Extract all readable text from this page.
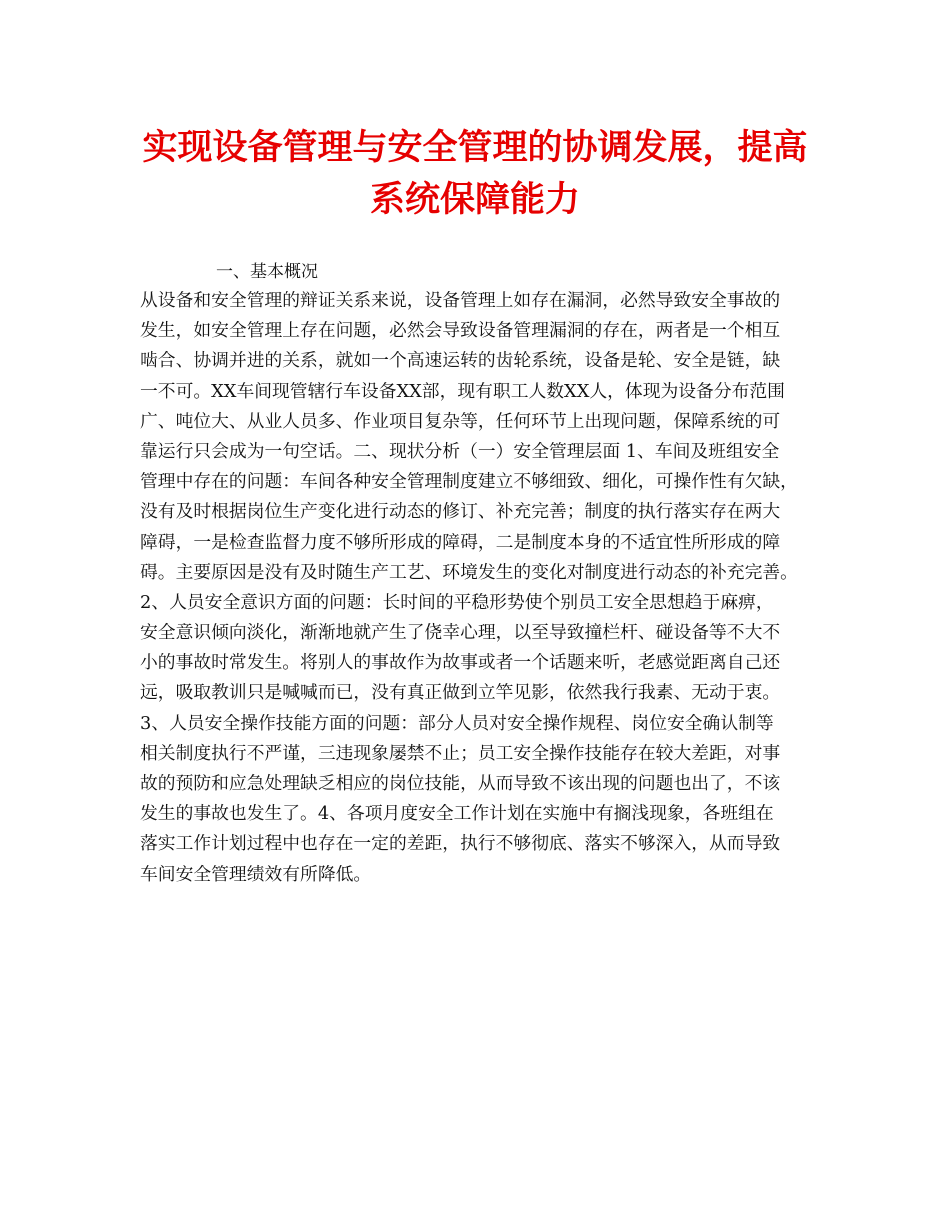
实现设备管理与安全管理的协调发展，提高
系统保障能力

一、基本概况

从设备和安全管理的辩证关系来说，设备管理上如存在漏洞，必然导致安全事故的
发生，如安全管理上存在问题，必然会导致设备管理漏洞的存在，两者是一个相互
啮合、协调并进的关系，就如一个高速运转的齿轮系统，设备是轮、安全是链，缺
一不可。XX车间现管辖行车设备XX部，现有职工人数XX人，体现为设备分布范围
广、吨位大、从业人员多、作业项目复杂等，任何环节上出现问题，保障系统的可
靠运行只会成为一句空话。二、现状分析（一）安全管理层面 1、车间及班组安全
管理中存在的问题：车间各种安全管理制度建立不够细致、细化，可操作性有欠缺，
没有及时根据岗位生产变化进行动态的修订、补充完善；制度的执行落实存在两大
障碍，一是检查监督力度不够所形成的障碍，二是制度本身的不适宜性所形成的障
碍。主要原因是没有及时随生产工艺、环境发生的变化对制度进行动态的补充完善。
2、人员安全意识方面的问题：长时间的平稳形势使个别员工安全思想趋于麻痹，
安全意识倾向淡化，渐渐地就产生了侥幸心理，以至导致撞栏杆、碰设备等不大不
小的事故时常发生。将别人的事故作为故事或者一个话题来听，老感觉距离自己还
远，吸取教训只是喊喊而已，没有真正做到立竿见影，依然我行我素、无动于衷。
3、人员安全操作技能方面的问题：部分人员对安全操作规程、岗位安全确认制等
相关制度执行不严谨，三违现象屡禁不止；员工安全操作技能存在较大差距，对事
故的预防和应急处理缺乏相应的岗位技能，从而导致不该出现的问题也出了，不该
发生的事故也发生了。4、各项月度安全工作计划在实施中有搁浅现象，各班组在
落实工作计划过程中也存在一定的差距，执行不够彻底、落实不够深入，从而导致
车间安全管理绩效有所降低。
